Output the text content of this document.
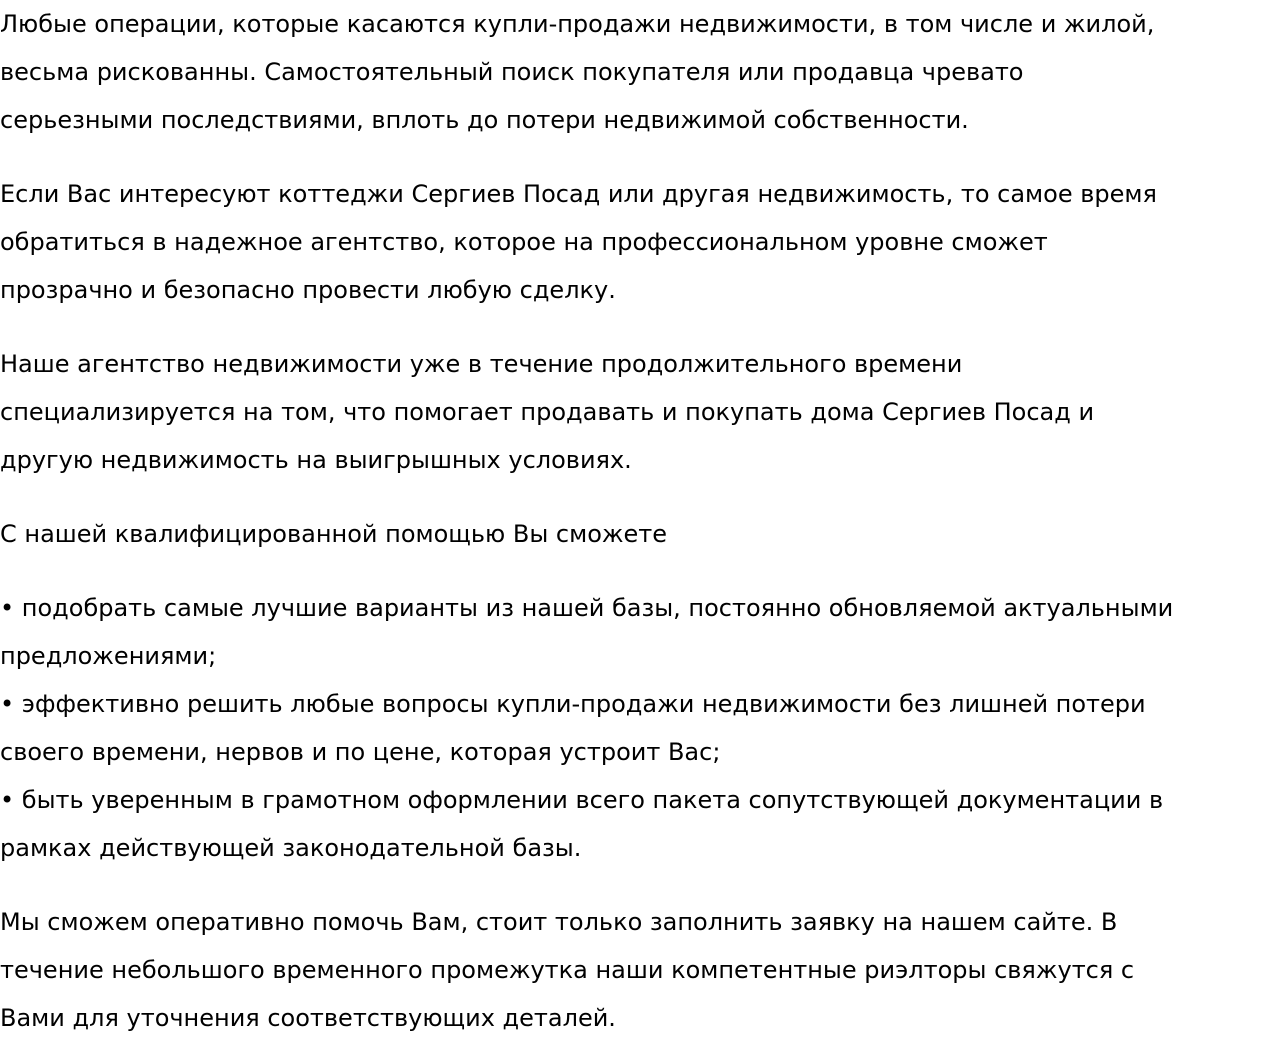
Любые операции, которые касаются купли-продажи недвижимости, в том числе и жилой,
весьма рискованны. Самостоятельный поиск покупателя или продавца чревато
серьезными последствиями, вплоть до потери недвижимой собственности.

Если Вас интересуют коттеджи Сергиев Посад или другая недвижимость, то самое время
обратиться в надежное агентство, которое на профессиональном уровне сможет
прозрачно и безопасно провести любую сделку.

Наше агентство недвижимости уже в течение продолжительного времени
специализируется на том, что помогает продавать и покупать дома Сергиев Посад и
другую недвижимость на выигрышных условиях.

С нашей квалифицированной помощью Вы сможете

• подобрать самые лучшие варианты из нашей базы, постоянно обновляемой актуальными
предложениями;
• эффективно решить любые вопросы купли-продажи недвижимости без лишней потери
своего времени, нервов и по цене, которая устроит Вас;
• быть уверенным в грамотном оформлении всего пакета сопутствующей документации в
рамках действующей законодательной базы.

Мы сможем оперативно помочь Вам, стоит только заполнить заявку на нашем сайте. В
течение небольшого временного промежутка наши компетентные риэлторы свяжутся с
Вами для уточнения соответствующих деталей.
